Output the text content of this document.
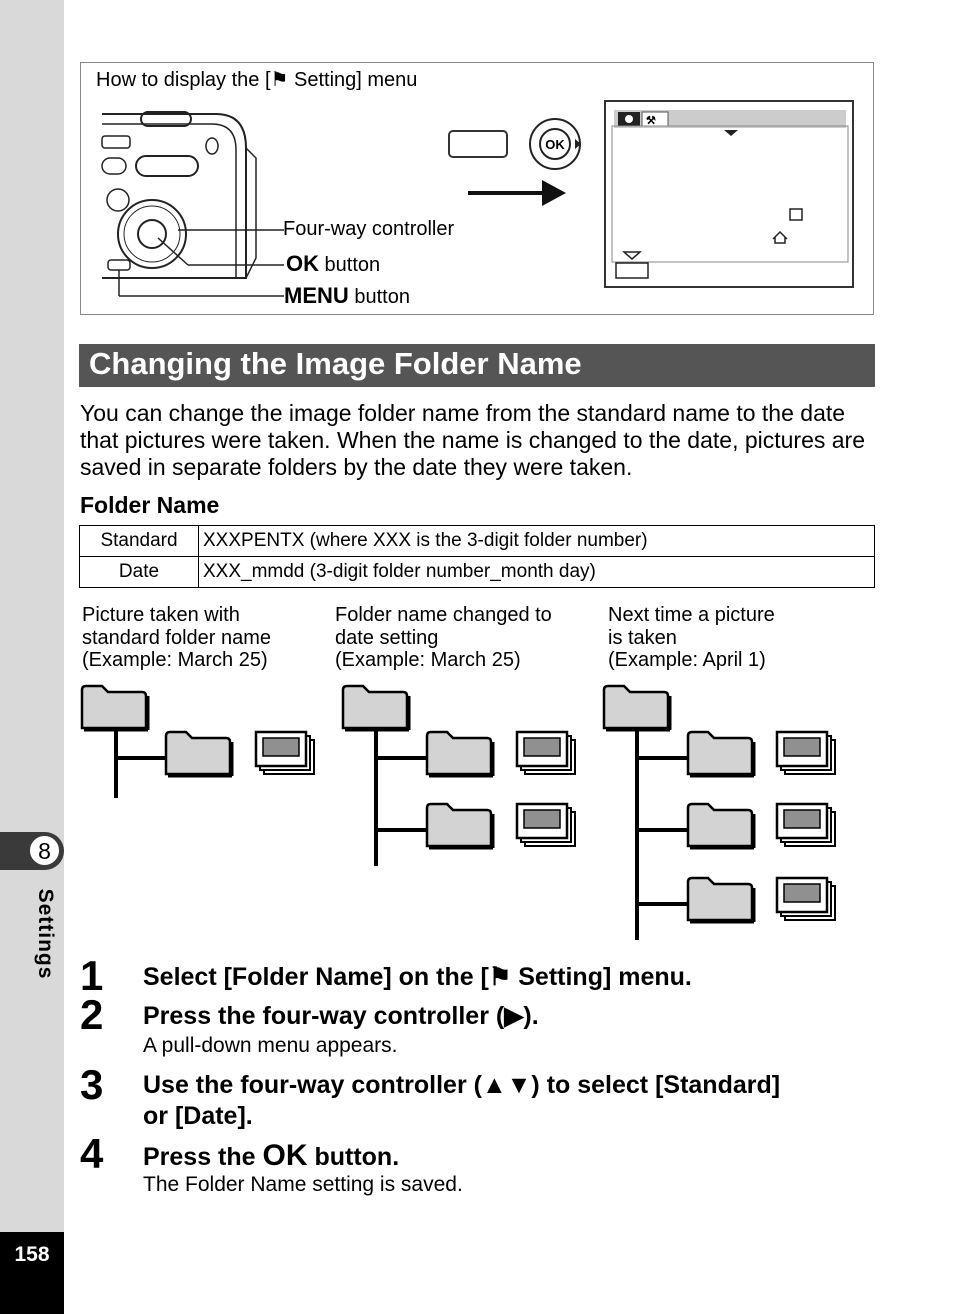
8
Settings
158
How to display the [⚑ Setting] menu
Four-way controller
OK button
MENU button
OK
⚒
Changing the Image Folder Name
You can change the image folder name from the standard name to the date that pictures were taken. When the name is changed to the date, pictures are saved in separate folders by the date they were taken.
Folder Name
Standard	XXXPENTX (where XXX is the 3-digit folder number)
Date	XXX_mmdd (3-digit folder number_month day)
Picture taken with
standard folder name
(Example: March 25)
Folder name changed to
date setting
(Example: March 25)
Next time a picture
is taken
(Example: April 1)
1 Select [Folder Name] on the [⚑ Setting] menu.
2 Press the four-way controller (▶).
A pull-down menu appears.
3 Use the four-way controller (▲▼) to select [Standard]
or [Date].
4 Press the OK button.
The Folder Name setting is saved.
